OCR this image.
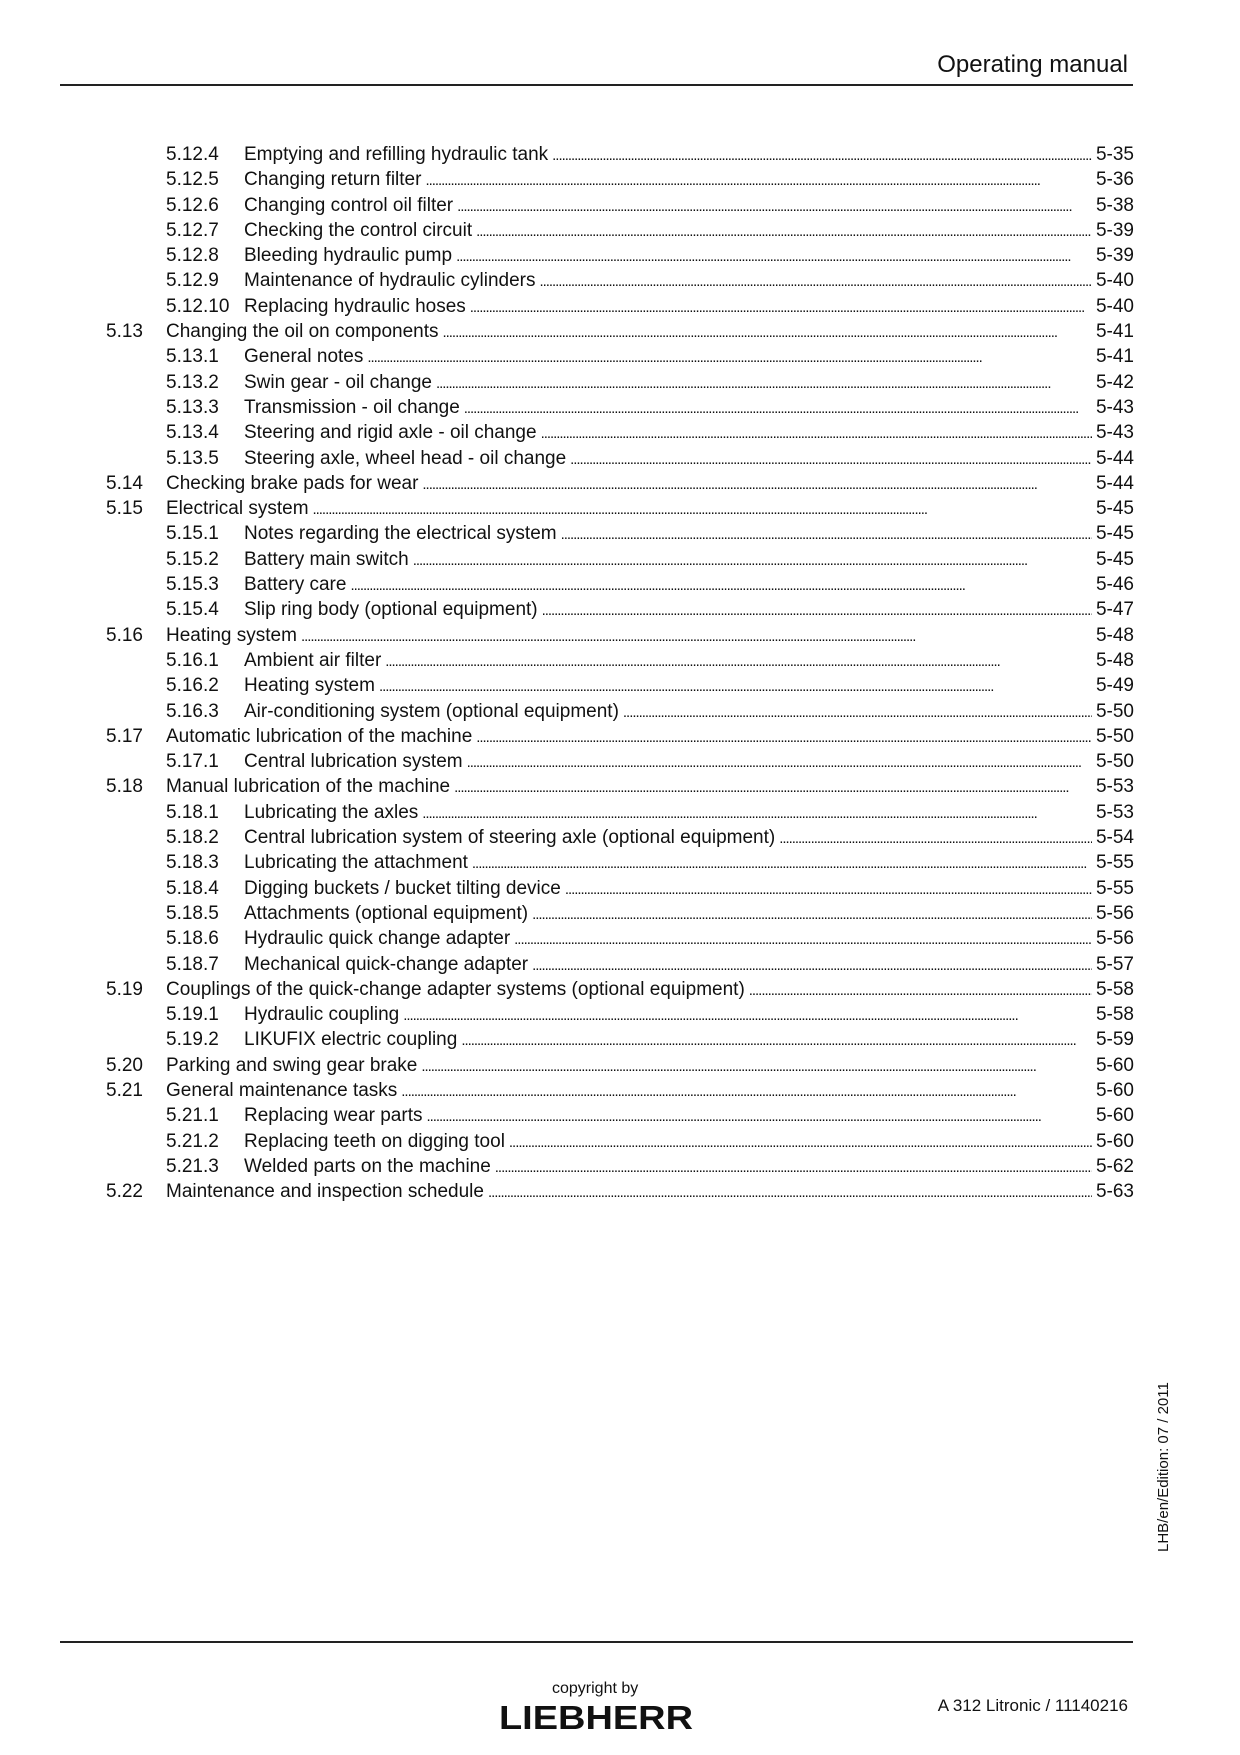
Operating manual
5.12.4	Emptying and refilling hydraulic tank . . .	5-35
5.12.5	Changing return filter . . .	5-36
5.12.6	Changing control oil filter . . .	5-38
5.12.7	Checking the control circuit . . .	5-39
5.12.8	Bleeding hydraulic pump . . .	5-39
5.12.9	Maintenance of hydraulic cylinders . . .	5-40
5.12.10 Replacing hydraulic hoses . . .	5-40
5.13	Changing the oil on components . . .	5-41
5.13.1	General notes . . .	5-41
5.13.2	Swin gear - oil change . . .	5-42
5.13.3	Transmission - oil change . . .	5-43
5.13.4	Steering and rigid axle - oil change . . .	5-43
5.13.5	Steering axle, wheel head - oil change . . .	5-44
5.14	Checking brake pads for wear . . .	5-44
5.15	Electrical system . . .	5-45
5.15.1	Notes regarding the electrical system . . .	5-45
5.15.2	Battery main switch . . .	5-45
5.15.3	Battery care . . .	5-46
5.15.4	Slip ring body (optional equipment) . . .	5-47
5.16	Heating system . . .	5-48
5.16.1	Ambient air filter . . .	5-48
5.16.2	Heating system . . .	5-49
5.16.3	Air-conditioning system (optional equipment) . . .	5-50
5.17	Automatic lubrication of the machine . . .	5-50
5.17.1	Central lubrication system . . .	5-50
5.18	Manual lubrication of the machine . . .	5-53
5.18.1	Lubricating the axles . . .	5-53
5.18.2	Central lubrication system of steering axle (optional equipment) . . .	5-54
5.18.3	Lubricating the attachment . . .	5-55
5.18.4	Digging buckets / bucket tilting device . . .	5-55
5.18.5	Attachments (optional equipment) . . .	5-56
5.18.6	Hydraulic quick change adapter . . .	5-56
5.18.7	Mechanical quick-change adapter . . .	5-57
5.19	Couplings of the quick-change adapter systems (optional equipment) . . .	5-58
5.19.1	Hydraulic coupling . . .	5-58
5.19.2	LIKUFIX electric coupling . . .	5-59
5.20	Parking and swing gear brake . . .	5-60
5.21	General maintenance tasks . . .	5-60
5.21.1	Replacing wear parts . . .	5-60
5.21.2	Replacing teeth on digging tool . . .	5-60
5.21.3	Welded parts on the machine . . .	5-62
5.22	Maintenance and inspection schedule . . .	5-63
LHB/en/Edition: 07 / 2011
copyright by
LIEBHERR	A 312 Litronic / 11140216
